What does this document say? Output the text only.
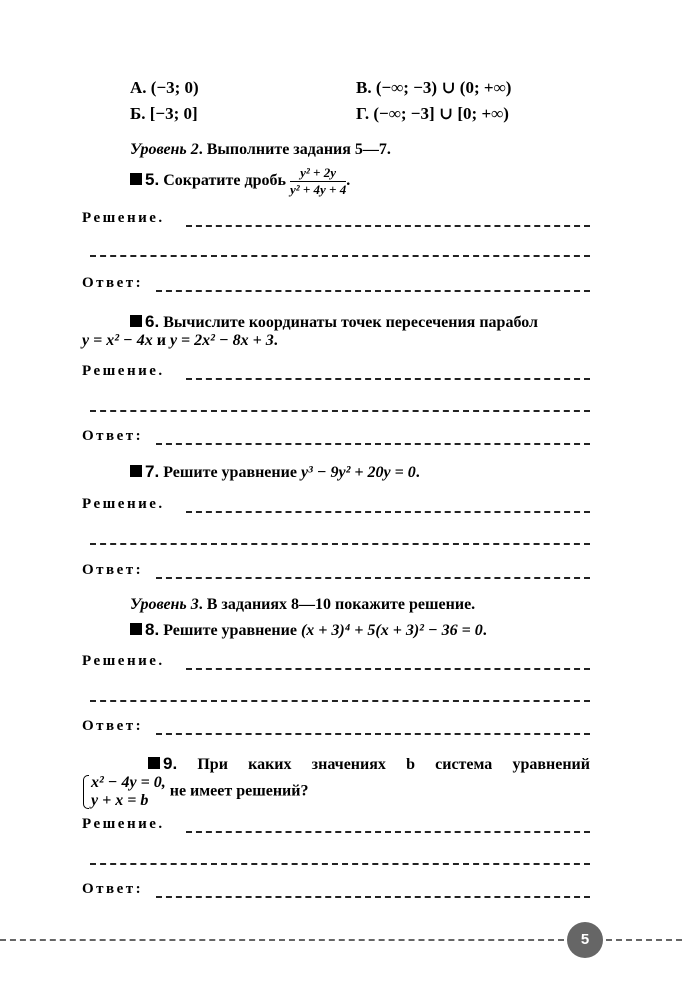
А. (−3; 0)
Б. [−3; 0]
В. (−∞; −3) ∪ (0; +∞)
Г. (−∞; −3] ∪ [0; +∞)
Уровень 2. Выполните задания 5—7.
5. Сократите дробь $\frac{\text{y² + 2y}}{\text{y² + 4y + 4}}$ .
Решение.
Ответ:
6. Вычислите координаты точек пересечения парабол
y = x² − 4x и y = 2x² − 8x + 3.
Решение.
Ответ:
7. Решите уравнение y³ − 9y² + 20y = 0.
Решение.
Ответ:
Уровень 3. В заданиях 8—10 покажите решение.
8. Решите уравнение (x + 3)⁴ + 5(x + 3)² − 36 = 0.
Решение.
Ответ:
9. При каких значениях b система уравнений
x² − 4y = 0,
y + x = b
не имеет решений?
Решение.
Ответ:
5
